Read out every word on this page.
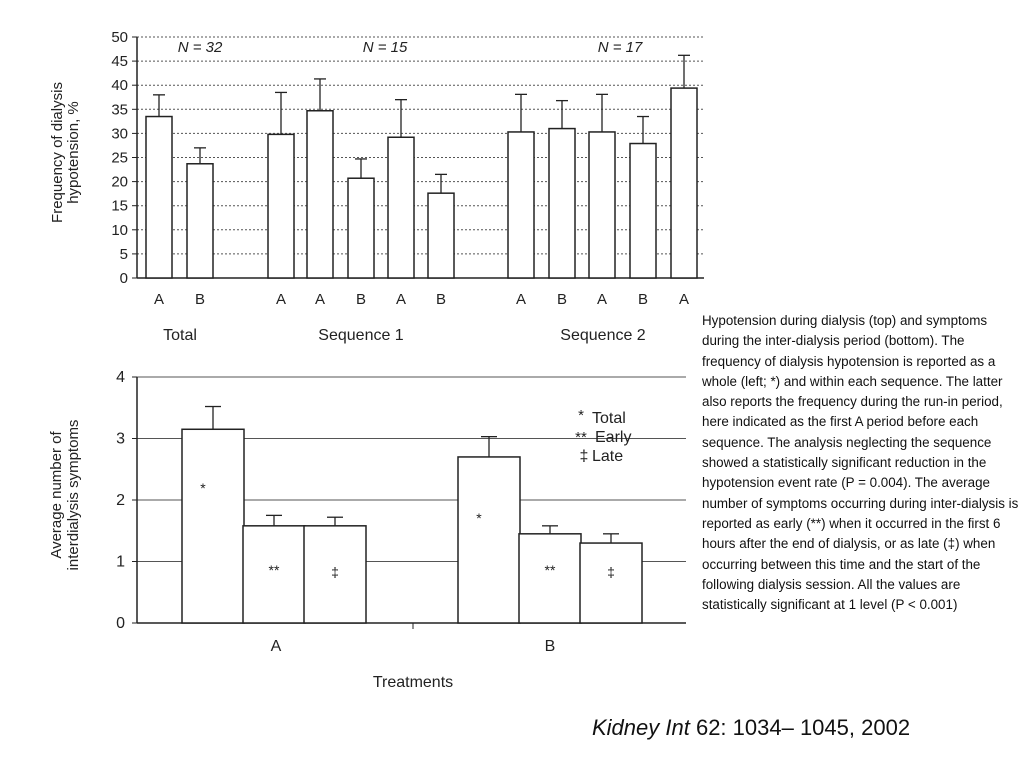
0
5
10
15
20
25
30
35
40
45
50
Frequency of dialysis hypotension, %
A B	A A B A B	A B A B A
Total
N = 32
Sequence 1
N = 15
Sequence 2
N = 17
0
1
2
3
4
Average number of interdialysis symptoms	*
**	‡
A
*
**	‡
B
Treatments
* Total
** Early
‡ Late
Hypotension during dialysis (top) and symptoms during the inter-dialysis period (bottom). The frequency of dialysis hypotension is reported as a whole (left; *) and within each sequence. The latter also reports the frequency during the run-in period, here indicated as the first A period before each sequence. The analysis neglecting the sequence showed a statistically significant reduction in the hypotension event rate (P = 0.004). The average number of symptoms occurring during inter-dialysis is reported as early (**) when it occurred in the first 6 hours after the end of dialysis, or as late (‡) when occurring between this time and the start of the following dialysis session. All the values are statistically significant at 1 level (P < 0.001)
Kidney Int 62: 1034– 1045, 2002
